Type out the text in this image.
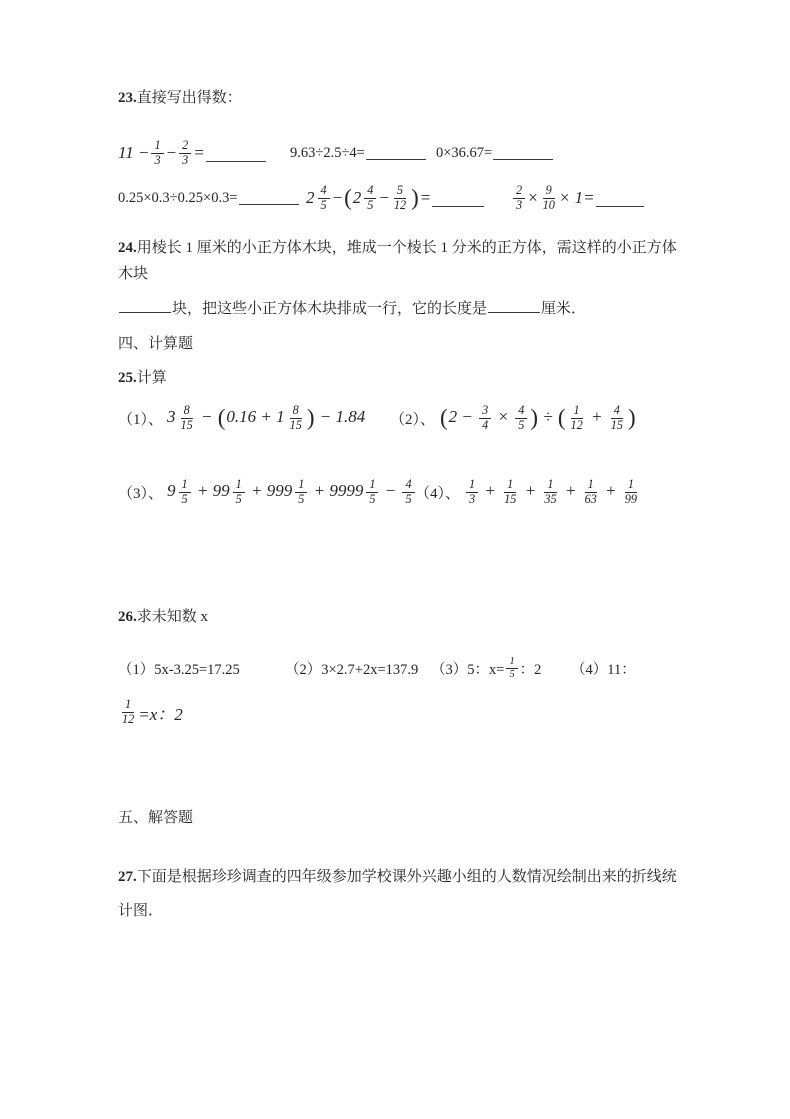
23.直接写出得数：

$11 - \frac{1}{3} - \frac{2}{3}$ =	9.63÷2.5÷4=	0×36.67=
0.25×0.3÷0.25×0.3=	$2 \frac{4}{5}$ − ( $2 \frac{4}{5} - \frac{5}{12}$ ) =	$\frac{2}{3} \times \frac{9}{10} \times 1=$

24.用棱长 1 厘米的小正方体木块，堆成一个棱长 1 分米的正方体，需这样的小正方体木块

块，把这些小正方体木块排成一行，它的长度是	厘米．

四、计算题

25.计算

（1）、 $3 \frac{8}{15} - (0.16 + 1 \frac{8}{15}$ ) − 1.84 （2）、 ($2 - \frac{3}{4} \times \frac{4}{5}$ ) ÷ ( $\frac{1}{12} + \frac{4}{15}$ )
（3）、 $9 \frac{1}{5} + 99 \frac{1}{5} + 999 \frac{1}{5} + 9999 \frac{1}{5} - \frac{4}{5} (4)$、 $\frac{1}{3} + \frac{1}{15} + \frac{1}{35} + \frac{1}{63} + \frac{1}{99}$

26.求未知数 x

（1）5x-3.25=17.25	（2）3×2.7+2x=137.9 （3）5：$x= \frac{1}{5}$ ：2	（4）11：
$\frac{1}{12} =x$：2

五、解答题

27.下面是根据珍珍调查的四年级参加学校课外兴趣小组的人数情况绘制出来的折线统计图．
